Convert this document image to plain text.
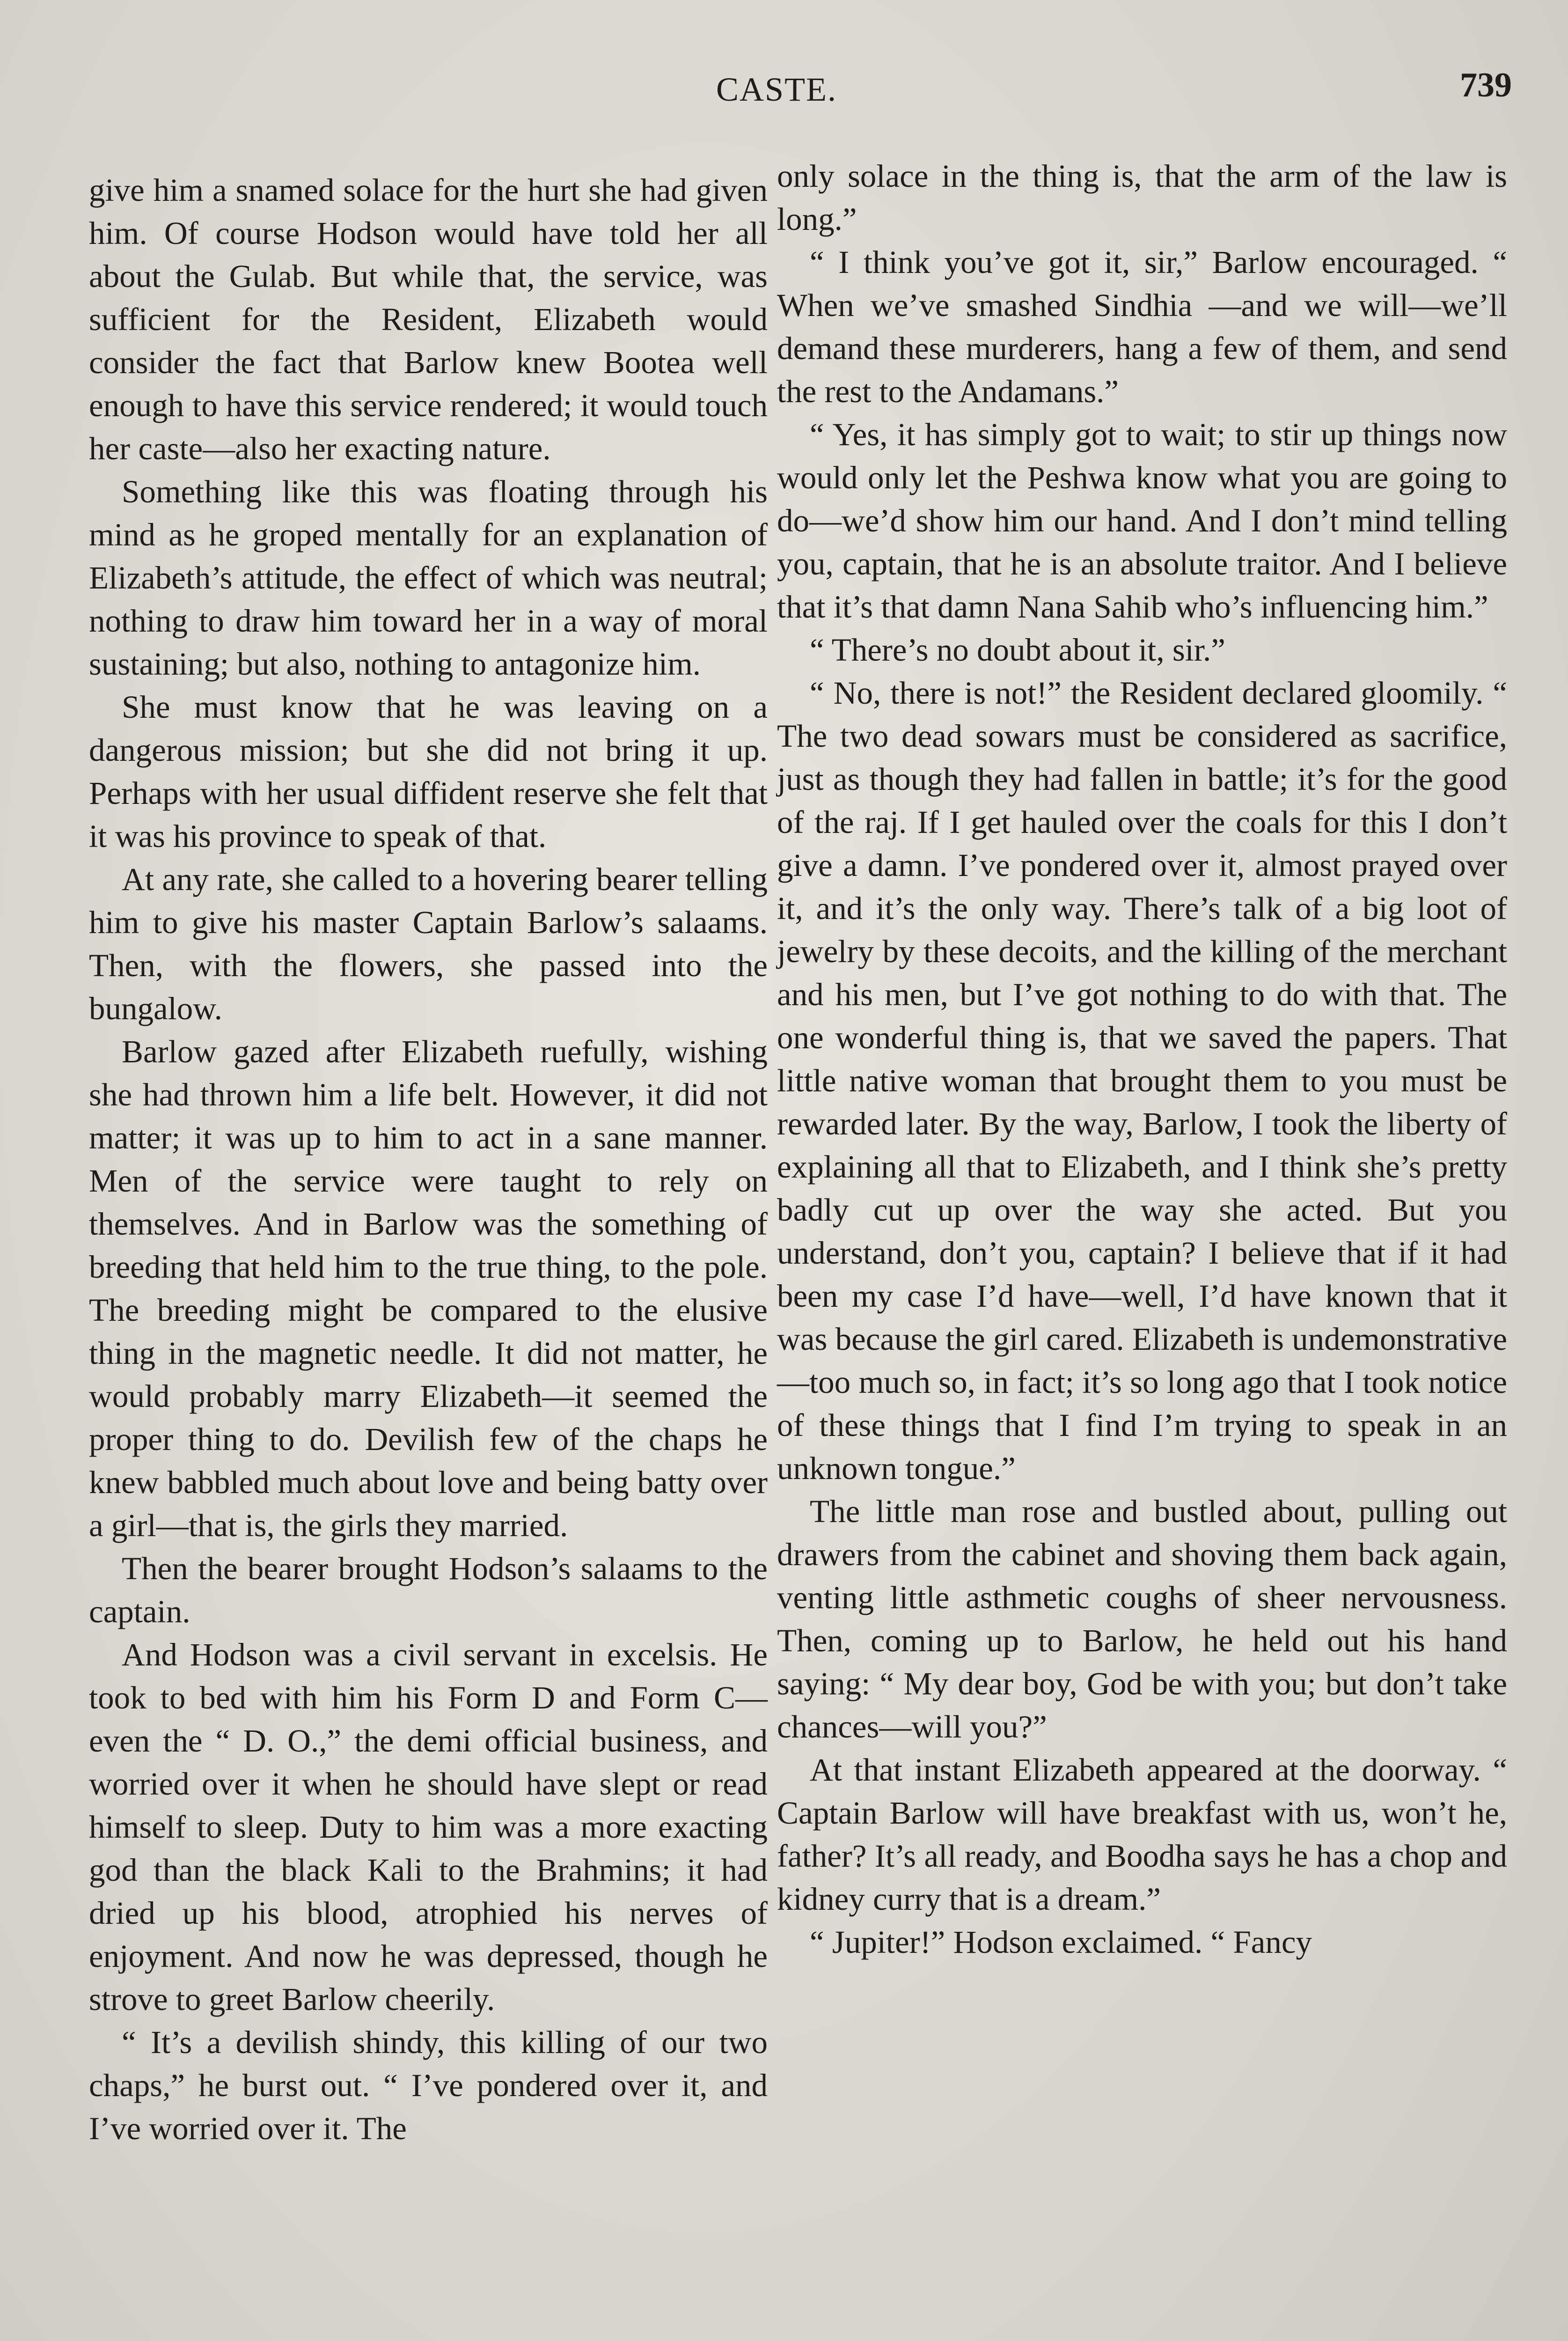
CASTE.	739

give him a snamed solace for the hurt she had given him. Of course Hodson would have told her all about the Gulab. But while that, the service, was sufficient for the Resident, Elizabeth would consider the fact that Barlow knew Bootea well enough to have this service rendered; it would touch her caste—also her exacting nature.

Something like this was floating through his mind as he groped mentally for an explanation of Elizabeth’s attitude, the effect of which was neutral; nothing to draw him toward her in a way of moral sustaining; but also, nothing to antagonize him.

She must know that he was leaving on a dangerous mission; but she did not bring it up. Perhaps with her usual diffident reserve she felt that it was his province to speak of that.

At any rate, she called to a hovering bearer telling him to give his master Captain Barlow’s salaams. Then, with the flowers, she passed into the bungalow.

Barlow gazed after Elizabeth ruefully, wishing she had thrown him a life belt. However, it did not matter; it was up to him to act in a sane manner. Men of the service were taught to rely on themselves. And in Barlow was the something of breeding that held him to the true thing, to the pole. The breeding might be compared to the elusive thing in the magnetic needle. It did not matter, he would probably marry Elizabeth—it seemed the proper thing to do. Devilish few of the chaps he knew babbled much about love and being batty over a girl—that is, the girls they married.

Then the bearer brought Hodson’s salaams to the captain.

And Hodson was a civil servant in excelsis. He took to bed with him his Form D and Form C—even the “ D. O.,” the demi official business, and worried over it when he should have slept or read himself to sleep. Duty to him was a more exacting god than the black Kali to the Brahmins; it had dried up his blood, atrophied his nerves of enjoyment. And now he was depressed, though he strove to greet Barlow cheerily.

“ It’s a devilish shindy, this killing of our two chaps,” he burst out. “ I’ve pondered over it, and I’ve worried over it. The

only solace in the thing is, that the arm of the law is long.”

“ I think you’ve got it, sir,” Barlow encouraged. “ When we’ve smashed Sindhia —and we will—we’ll demand these murderers, hang a few of them, and send the rest to the Andamans.”

“ Yes, it has simply got to wait; to stir up things now would only let the Peshwa know what you are going to do—we’d show him our hand. And I don’t mind telling you, captain, that he is an absolute traitor. And I believe that it’s that damn Nana Sahib who’s influencing him.”

“ There’s no doubt about it, sir.”

“ No, there is not!” the Resident declared gloomily. “ The two dead sowars must be considered as sacrifice, just as though they had fallen in battle; it’s for the good of the raj. If I get hauled over the coals for this I don’t give a damn. I’ve pondered over it, almost prayed over it, and it’s the only way. There’s talk of a big loot of jewelry by these decoits, and the killing of the merchant and his men, but I’ve got nothing to do with that. The one wonderful thing is, that we saved the papers. That little native woman that brought them to you must be rewarded later. By the way, Barlow, I took the liberty of explaining all that to Elizabeth, and I think she’s pretty badly cut up over the way she acted. But you understand, don’t you, captain? I believe that if it had been my case I’d have—well, I’d have known that it was because the girl cared. Elizabeth is undemonstrative—too much so, in fact; it’s so long ago that I took notice of these things that I find I’m trying to speak in an unknown tongue.”

The little man rose and bustled about, pulling out drawers from the cabinet and shoving them back again, venting little asthmetic coughs of sheer nervousness. Then, coming up to Barlow, he held out his hand saying: “ My dear boy, God be with you; but don’t take chances—will you?”

At that instant Elizabeth appeared at the doorway. “ Captain Barlow will have breakfast with us, won’t he, father? It’s all ready, and Boodha says he has a chop and kidney curry that is a dream.”

“ Jupiter!” Hodson exclaimed. “ Fancy
